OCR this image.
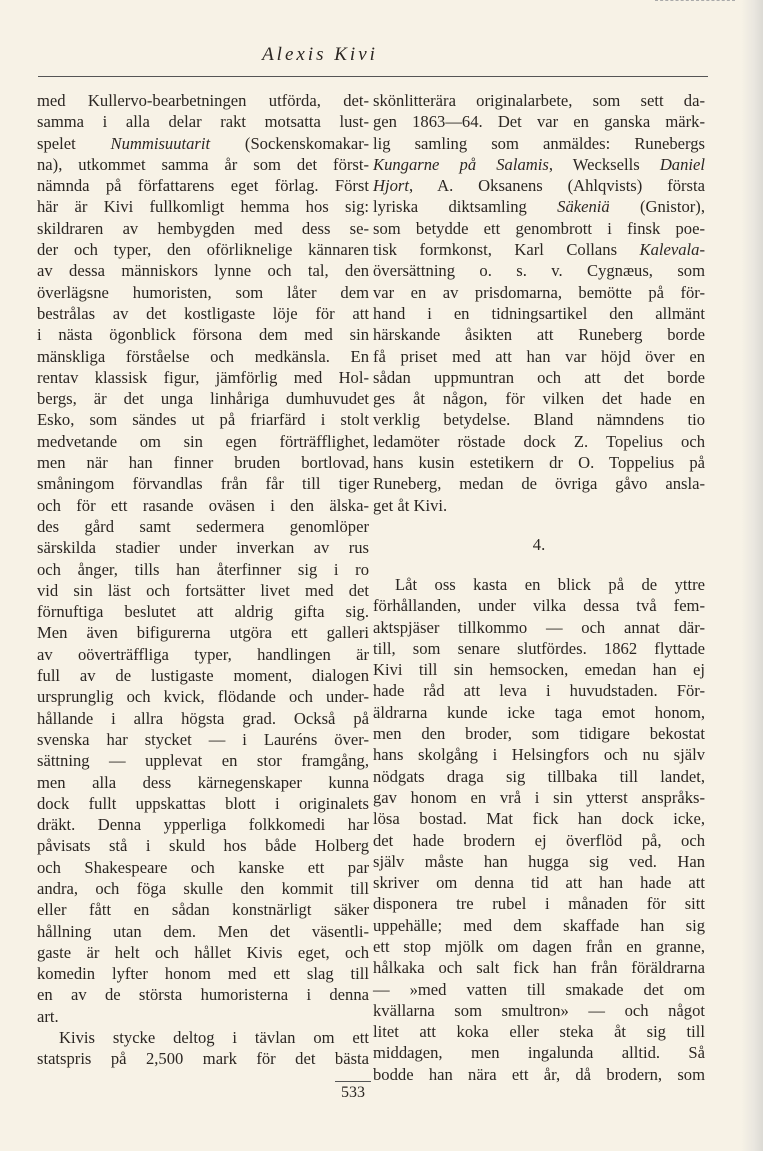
Alexis Kivi
med Kullervo-bearbetningen utförda, det-
samma i alla delar rakt motsatta lust-
spelet Nummisuutarit (Sockenskomakar-
na), utkommet samma år som det först-
nämnda på författarens eget förlag. Först
här är Kivi fullkomligt hemma hos sig:
skildraren av hembygden med dess se-
der och typer, den oförliknelige kännaren
av dessa människors lynne och tal, den
överlägsne humoristen, som låter dem
bestrålas av det kostligaste löje för att
i nästa ögonblick försona dem med sin
mänskliga förståelse och medkänsla. En
rentav klassisk figur, jämförlig med Hol-
bergs, är det unga linhåriga dumhuvudet
Esko, som sändes ut på friarfärd i stolt
medvetande om sin egen förträfflighet,
men när han finner bruden bortlovad,
småningom förvandlas från får till tiger
och för ett rasande oväsen i den älska-
des gård samt sedermera genomlöper
särskilda stadier under inverkan av rus
och ånger, tills han återfinner sig i ro
vid sin läst och fortsätter livet med det
förnuftiga beslutet att aldrig gifta sig.
Men även bifigurerna utgöra ett galleri
av oöverträffliga typer, handlingen är
full av de lustigaste moment, dialogen
ursprunglig och kvick, flödande och under-
hållande i allra högsta grad. Också på
svenska har stycket — i Lauréns över-
sättning — upplevat en stor framgång,
men alla dess kärnegenskaper kunna
dock fullt uppskattas blott i originalets
dräkt. Denna ypperliga folkkomedi har
påvisats stå i skuld hos både Holberg
och Shakespeare och kanske ett par
andra, och föga skulle den kommit till
eller fått en sådan konstnärligt säker
hållning utan dem. Men det väsentli-
gaste är helt och hållet Kivis eget, och
komedin lyfter honom med ett slag till
en av de största humoristerna i denna
art.
Kivis stycke deltog i tävlan om ett
statspris på 2,500 mark för det bästa
skönlitterära originalarbete, som sett da-
gen 1863—64. Det var en ganska märk-
lig samling som anmäldes: Runebergs
Kungarne på Salamis, Wecksells Daniel
Hjort, A. Oksanens (Ahlqvists) första
lyriska diktsamling Säkeniä (Gnistor),
som betydde ett genombrott i finsk poe-
tisk formkonst, Karl Collans Kalevala-
översättning o. s. v. Cygnæus, som
var en av prisdomarna, bemötte på för-
hand i en tidningsartikel den allmänt
härskande åsikten att Runeberg borde
få priset med att han var höjd över en
sådan uppmuntran och att det borde
ges åt någon, för vilken det hade en
verklig betydelse. Bland nämndens tio
ledamöter röstade dock Z. Topelius och
hans kusin estetikern dr O. Toppelius på
Runeberg, medan de övriga gåvo ansla-
get åt Kivi.
4.
Låt oss kasta en blick på de yttre
förhållanden, under vilka dessa två fem-
aktspjäser tillkommo — och annat där-
till, som senare slutfördes. 1862 flyttade
Kivi till sin hemsocken, emedan han ej
hade råd att leva i huvudstaden. För-
äldrarna kunde icke taga emot honom,
men den broder, som tidigare bekostat
hans skolgång i Helsingfors och nu själv
nödgats draga sig tillbaka till landet,
gav honom en vrå i sin ytterst anspråks-
lösa bostad. Mat fick han dock icke,
det hade brodern ej överflöd på, och
själv måste han hugga sig ved. Han
skriver om denna tid att han hade att
disponera tre rubel i månaden för sitt
uppehälle; med dem skaffade han sig
ett stop mjölk om dagen från en granne,
hålkaka och salt fick han från föräldrarna
— »med vatten till smakade det om
kvällarna som smultron» — och något
litet att koka eller steka åt sig till
middagen, men ingalunda alltid. Så
bodde han nära ett år, då brodern, som
533
